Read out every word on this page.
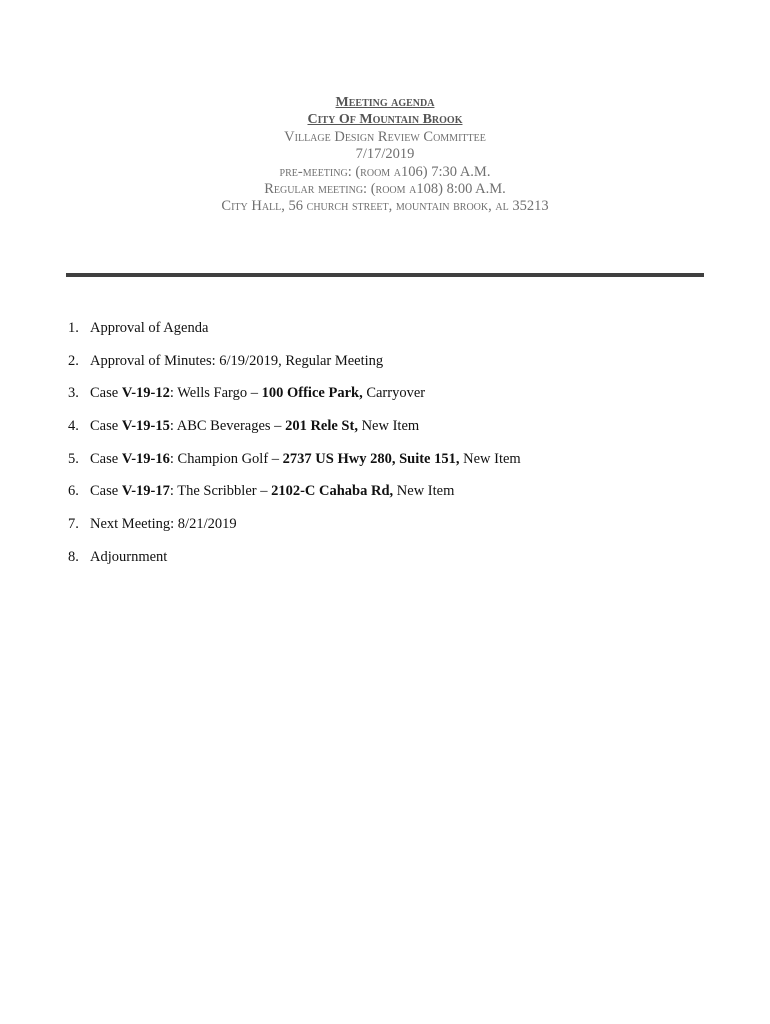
Meeting agenda
City Of Mountain Brook
Village Design Review Committee
7/17/2019
pre-meeting: (room a106) 7:30 A.M.
Regular meeting: (room a108) 8:00 A.M.
City Hall, 56 church street, mountain brook, al 35213
1. Approval of Agenda
2. Approval of Minutes: 6/19/2019, Regular Meeting
3. Case V-19-12: Wells Fargo – 100 Office Park, Carryover
4. Case V-19-15: ABC Beverages – 201 Rele St, New Item
5. Case V-19-16: Champion Golf – 2737 US Hwy 280, Suite 151, New Item
6. Case V-19-17: The Scribbler – 2102-C Cahaba Rd, New Item
7. Next Meeting: 8/21/2019
8. Adjournment
